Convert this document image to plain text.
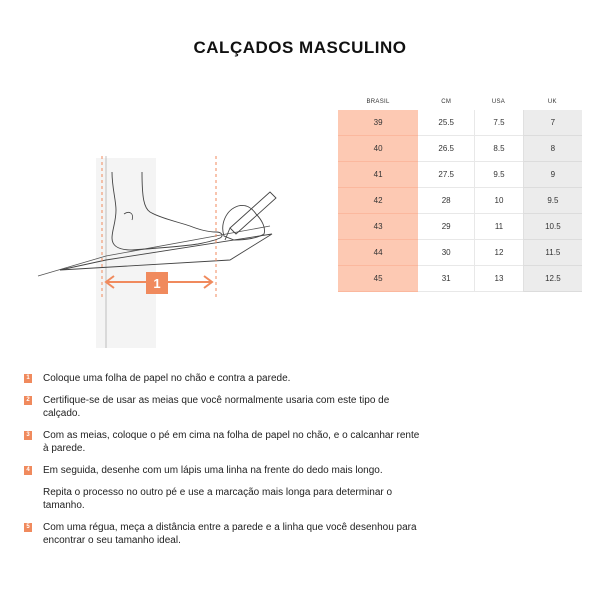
CALÇADOS MASCULINO
BRASIL	CM	USA	UK
39	25.5	7.5	7
40	26.5	8.5	8
41	27.5	9.5	9
42	28	10	9.5
43	29	11	10.5
44	30	12	11.5
45	31	13	12.5
1
1 Coloque uma folha de papel no chão e contra a parede.
2 Certifique-se de usar as meias que você normalmente usaria com este tipo de calçado.
3 Com as meias, coloque o pé em cima na folha de papel no chão, e o calcanhar rente à parede.
4 Em seguida, desenhe com um lápis uma linha na frente do dedo mais longo.
Repita o processo no outro pé e use a marcação mais longa para determinar o tamanho.
5 Com uma régua, meça a distância entre a parede e a linha que você desenhou para encontrar o seu tamanho ideal.
